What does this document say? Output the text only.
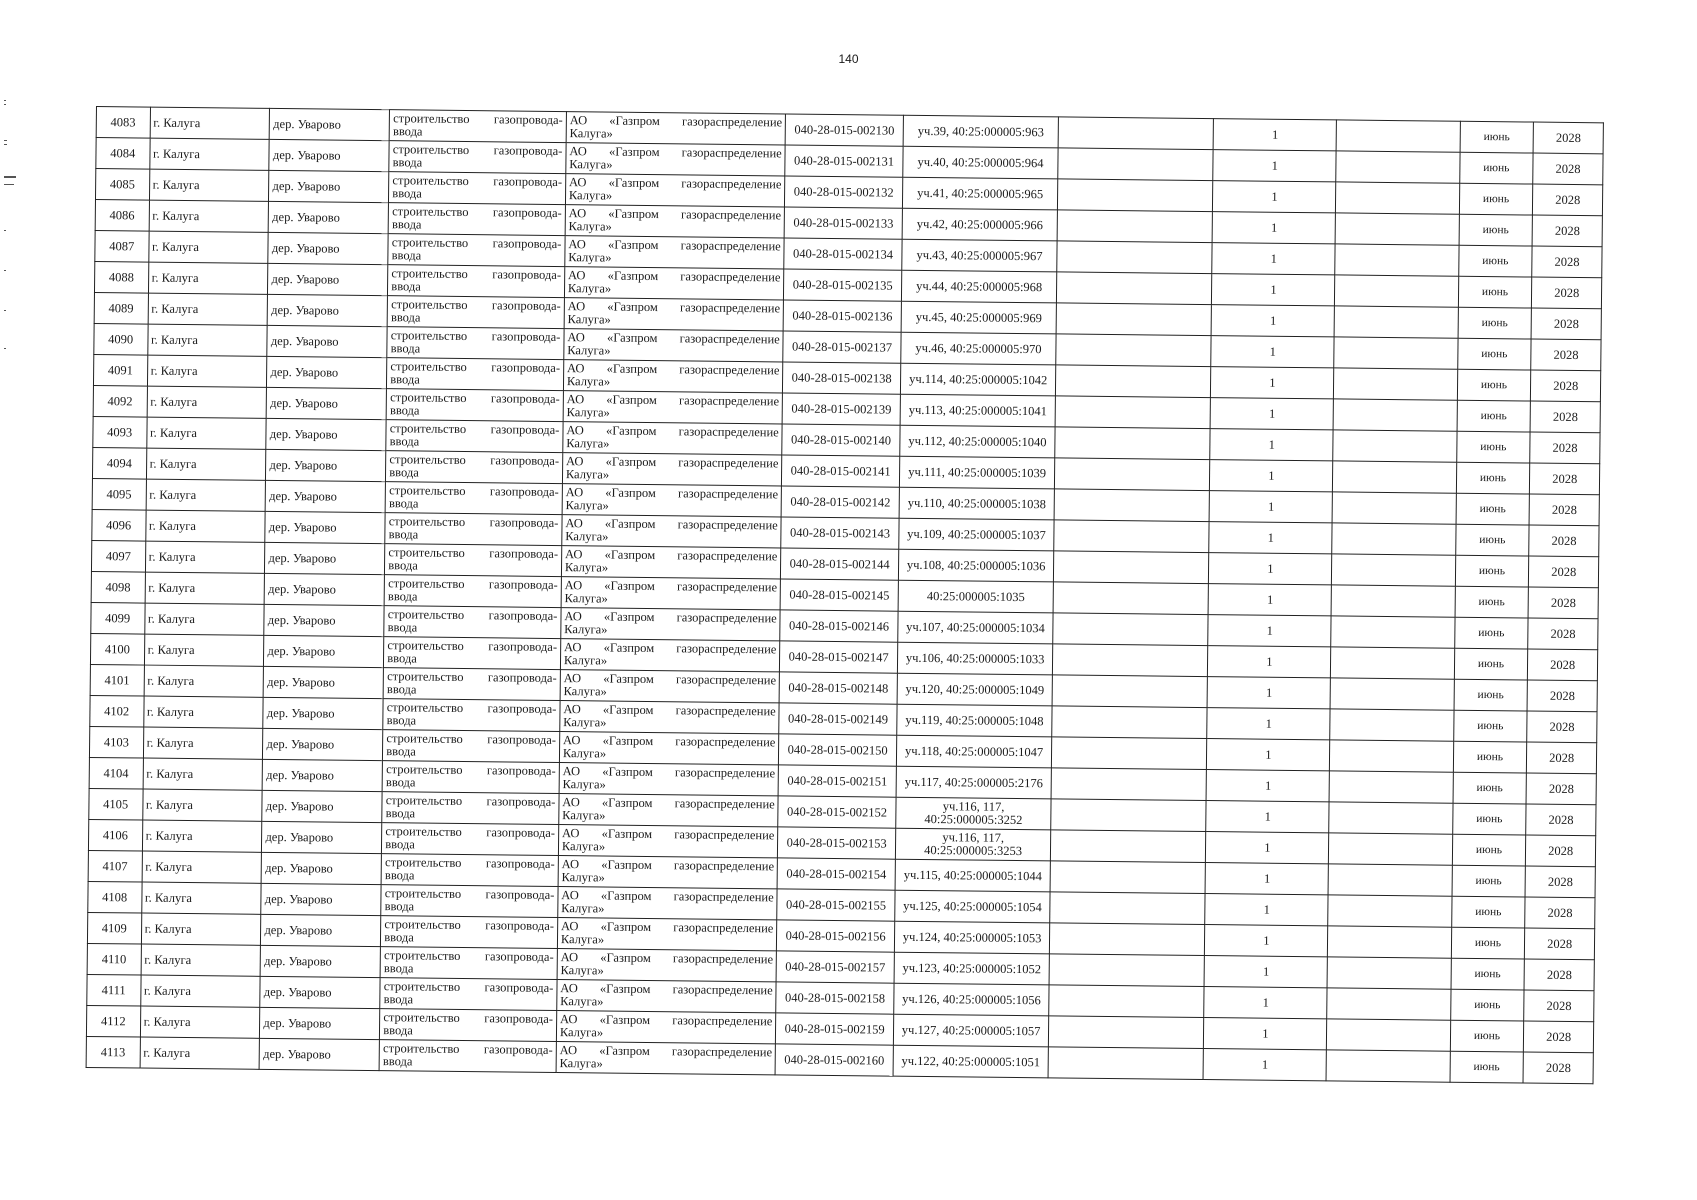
140
4083	г. Калуга	дер. Уварово	строительство газопровода-
ввода	АО «Газпром газораспределение
Калуга»	040-28-015-002130	уч.39, 40:25:000005:963		1		июнь	2028
4084	г. Калуга	дер. Уварово	строительство газопровода-
ввода	АО «Газпром газораспределение
Калуга»	040-28-015-002131	уч.40, 40:25:000005:964		1		июнь	2028
4085	г. Калуга	дер. Уварово	строительство газопровода-
ввода	АО «Газпром газораспределение
Калуга»	040-28-015-002132	уч.41, 40:25:000005:965		1		июнь	2028
4086	г. Калуга	дер. Уварово	строительство газопровода-
ввода	АО «Газпром газораспределение
Калуга»	040-28-015-002133	уч.42, 40:25:000005:966		1		июнь	2028
4087	г. Калуга	дер. Уварово	строительство газопровода-
ввода	АО «Газпром газораспределение
Калуга»	040-28-015-002134	уч.43, 40:25:000005:967		1		июнь	2028
4088	г. Калуга	дер. Уварово	строительство газопровода-
ввода	АО «Газпром газораспределение
Калуга»	040-28-015-002135	уч.44, 40:25:000005:968		1		июнь	2028
4089	г. Калуга	дер. Уварово	строительство газопровода-
ввода	АО «Газпром газораспределение
Калуга»	040-28-015-002136	уч.45, 40:25:000005:969		1		июнь	2028
4090	г. Калуга	дер. Уварово	строительство газопровода-
ввода	АО «Газпром газораспределение
Калуга»	040-28-015-002137	уч.46, 40:25:000005:970		1		июнь	2028
4091	г. Калуга	дер. Уварово	строительство газопровода-
ввода	АО «Газпром газораспределение
Калуга»	040-28-015-002138	уч.114, 40:25:000005:1042		1		июнь	2028
4092	г. Калуга	дер. Уварово	строительство газопровода-
ввода	АО «Газпром газораспределение
Калуга»	040-28-015-002139	уч.113, 40:25:000005:1041		1		июнь	2028
4093	г. Калуга	дер. Уварово	строительство газопровода-
ввода	АО «Газпром газораспределение
Калуга»	040-28-015-002140	уч.112, 40:25:000005:1040		1		июнь	2028
4094	г. Калуга	дер. Уварово	строительство газопровода-
ввода	АО «Газпром газораспределение
Калуга»	040-28-015-002141	уч.111, 40:25:000005:1039		1		июнь	2028
4095	г. Калуга	дер. Уварово	строительство газопровода-
ввода	АО «Газпром газораспределение
Калуга»	040-28-015-002142	уч.110, 40:25:000005:1038		1		июнь	2028
4096	г. Калуга	дер. Уварово	строительство газопровода-
ввода	АО «Газпром газораспределение
Калуга»	040-28-015-002143	уч.109, 40:25:000005:1037		1		июнь	2028
4097	г. Калуга	дер. Уварово	строительство газопровода-
ввода	АО «Газпром газораспределение
Калуга»	040-28-015-002144	уч.108, 40:25:000005:1036		1		июнь	2028
4098	г. Калуга	дер. Уварово	строительство газопровода-
ввода	АО «Газпром газораспределение
Калуга»	040-28-015-002145	40:25:000005:1035		1		июнь	2028
4099	г. Калуга	дер. Уварово	строительство газопровода-
ввода	АО «Газпром газораспределение
Калуга»	040-28-015-002146	уч.107, 40:25:000005:1034		1		июнь	2028
4100	г. Калуга	дер. Уварово	строительство газопровода-
ввода	АО «Газпром газораспределение
Калуга»	040-28-015-002147	уч.106, 40:25:000005:1033		1		июнь	2028
4101	г. Калуга	дер. Уварово	строительство газопровода-
ввода	АО «Газпром газораспределение
Калуга»	040-28-015-002148	уч.120, 40:25:000005:1049		1		июнь	2028
4102	г. Калуга	дер. Уварово	строительство газопровода-
ввода	АО «Газпром газораспределение
Калуга»	040-28-015-002149	уч.119, 40:25:000005:1048		1		июнь	2028
4103	г. Калуга	дер. Уварово	строительство газопровода-
ввода	АО «Газпром газораспределение
Калуга»	040-28-015-002150	уч.118, 40:25:000005:1047		1		июнь	2028
4104	г. Калуга	дер. Уварово	строительство газопровода-
ввода	АО «Газпром газораспределение
Калуга»	040-28-015-002151	уч.117, 40:25:000005:2176		1		июнь	2028
4105	г. Калуга	дер. Уварово	строительство газопровода-
ввода	АО «Газпром газораспределение
Калуга»	040-28-015-002152	уч.116, 117,
40:25:000005:3252		1		июнь	2028
4106	г. Калуга	дер. Уварово	строительство газопровода-
ввода	АО «Газпром газораспределение
Калуга»	040-28-015-002153	уч.116, 117,
40:25:000005:3253		1		июнь	2028
4107	г. Калуга	дер. Уварово	строительство газопровода-
ввода	АО «Газпром газораспределение
Калуга»	040-28-015-002154	уч.115, 40:25:000005:1044		1		июнь	2028
4108	г. Калуга	дер. Уварово	строительство газопровода-
ввода	АО «Газпром газораспределение
Калуга»	040-28-015-002155	уч.125, 40:25:000005:1054		1		июнь	2028
4109	г. Калуга	дер. Уварово	строительство газопровода-
ввода	АО «Газпром газораспределение
Калуга»	040-28-015-002156	уч.124, 40:25:000005:1053		1		июнь	2028
4110	г. Калуга	дер. Уварово	строительство газопровода-
ввода	АО «Газпром газораспределение
Калуга»	040-28-015-002157	уч.123, 40:25:000005:1052		1		июнь	2028
4111	г. Калуга	дер. Уварово	строительство газопровода-
ввода	АО «Газпром газораспределение
Калуга»	040-28-015-002158	уч.126, 40:25:000005:1056		1		июнь	2028
4112	г. Калуга	дер. Уварово	строительство газопровода-
ввода	АО «Газпром газораспределение
Калуга»	040-28-015-002159	уч.127, 40:25:000005:1057		1		июнь	2028
4113	г. Калуга	дер. Уварово	строительство газопровода-
ввода	АО «Газпром газораспределение
Калуга»	040-28-015-002160	уч.122, 40:25:000005:1051		1		июнь	2028
